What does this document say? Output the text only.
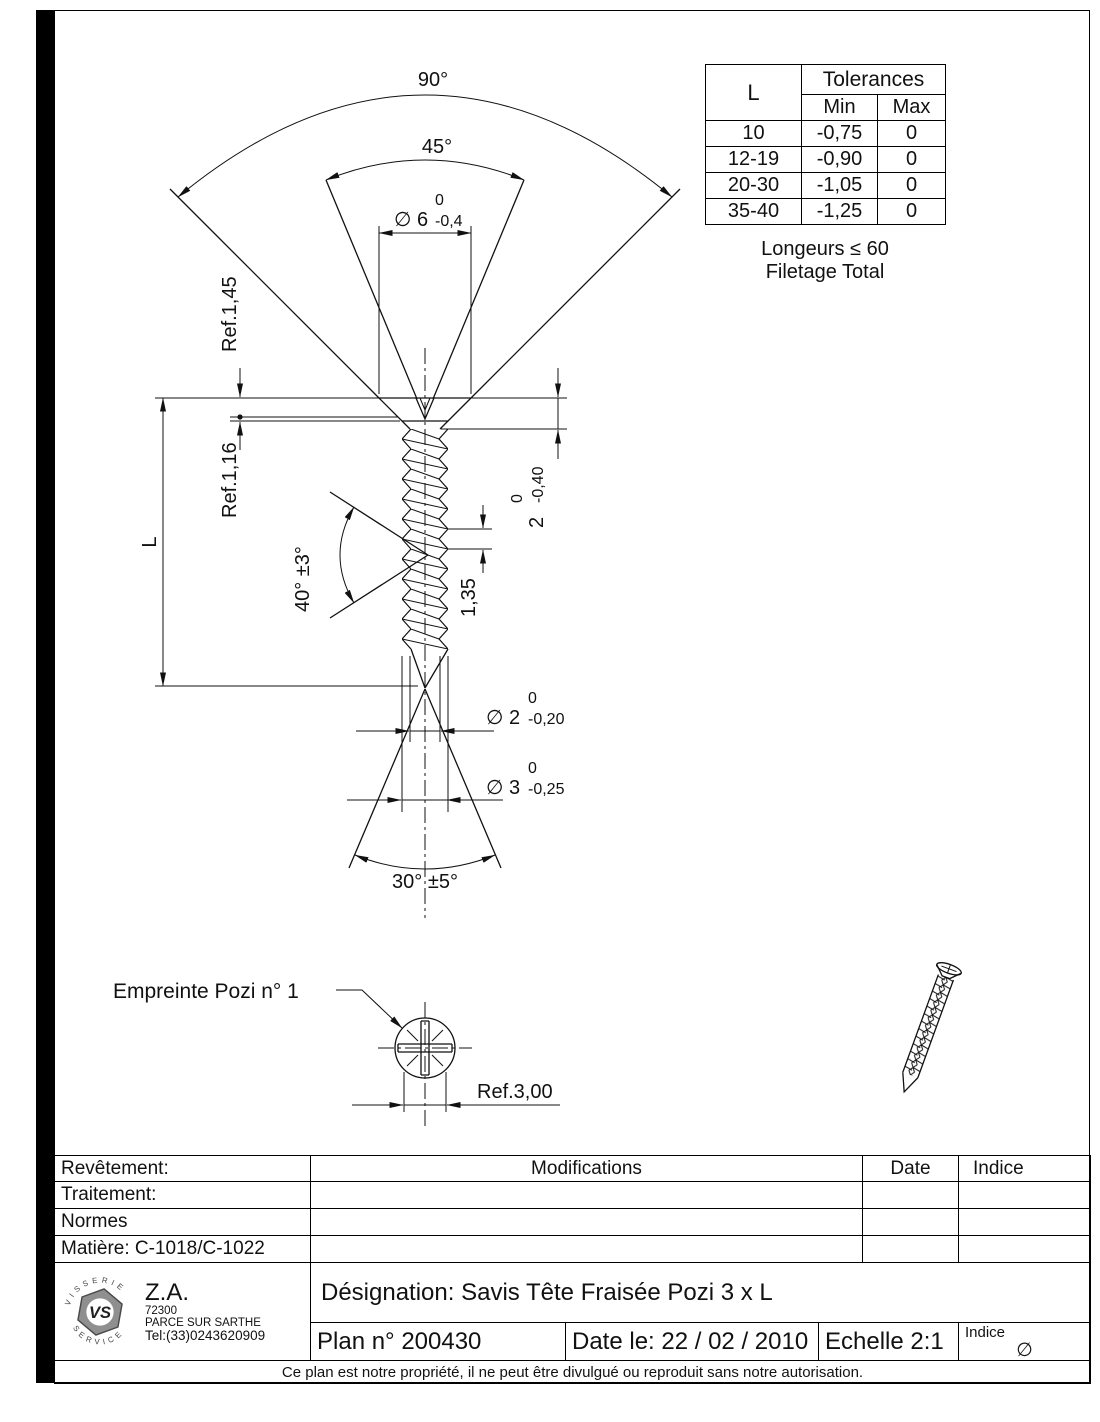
90°
45°
30° ±5°
∅ 6
0
-0,4
Ref.1,45
Ref.1,16
L
40° ±3°
2
0 -0,40
1,35
∅ 2
0
-0,20
∅ 3
0
-0,25
Empreinte Pozi n° 1
Ref.3,00
L	Tolerances	
	Min	Max
10	-0,75	0
12-19	-0,90	0
20-30	-1,05	0
35-40	-1,25	0
Longeurs ≤ 60
Filetage Total
Revêtement:	Modifications			Date	Indice
Traitement:					
Normes					
Matière: C-1018/C-1022					

VS
VISSERIE
SERVICE
Z.A.
72300
PARCE SUR SARTHE
Tel:(33)0243620909
	Désignation: Savis Tête Fraisée Pozi 3 x L
	Plan n° 200430	Date le: 22 / 02 / 2010	Echelle 2:1		Indice
∅

Ce plan est notre propriété, il ne peut être divulgué ou reproduit sans notre autorisation.					
